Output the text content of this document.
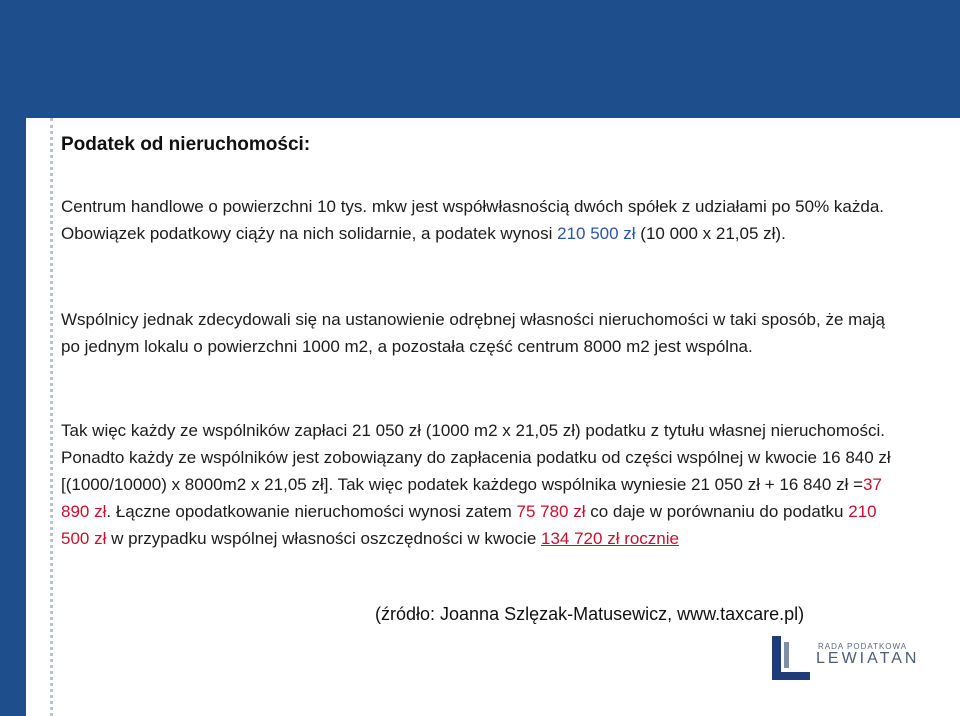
Podatek od nieruchomości:

Centrum handlowe o powierzchni 10 tys. mkw jest współwłasnością dwóch spółek z udziałami po 50% każda. Obowiązek podatkowy ciąży na nich solidarnie, a podatek wynosi 210 500 zł (10 000 x 21,05 zł).

Wspólnicy jednak zdecydowali się na ustanowienie odrębnej własności nieruchomości w taki sposób, że mają po jednym lokalu o powierzchni 1000 m2, a pozostała część centrum 8000 m2 jest wspólna.

Tak więc każdy ze wspólników zapłaci 21 050 zł (1000 m2 x 21,05 zł) podatku z tytułu własnej nieruchomości. Ponadto każdy ze wspólników jest zobowiązany do zapłacenia podatku od części wspólnej w kwocie 16 840 zł [(1000/10000) x 8000m2 x 21,05 zł]. Tak więc podatek każdego wspólnika wyniesie 21 050 zł + 16 840 zł =37 890 zł. Łączne opodatkowanie nieruchomości wynosi zatem 75 780 zł co daje w porównaniu do podatku 210 500 zł w przypadku wspólnej własności oszczędności w kwocie 134 720 zł rocznie

(źródło: Joanna Szlęzak-Matusewicz, www.taxcare.pl)

RADA PODATKOWA
LEWIATAN
